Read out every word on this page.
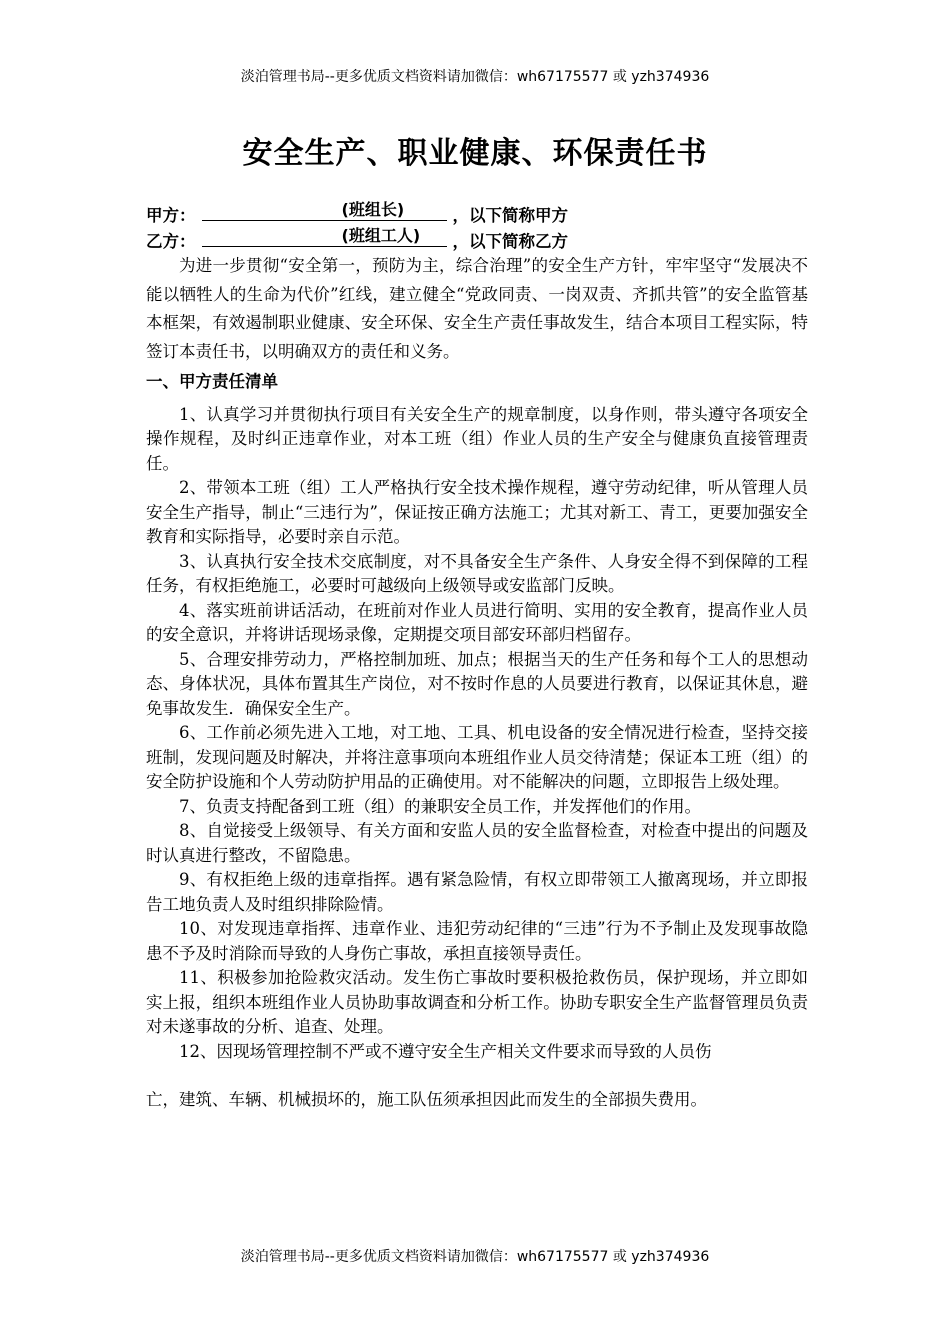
淡泊管理书局--更多优质文档资料请加微信：wh67175577 或 yzh374936
安全生产、职业健康、环保责任书
甲方：	(班组长)	，以下简称甲方
乙方：	(班组工人) ，以下简称乙方

为进一步贯彻“安全第一，预防为主，综合治理”的安全生产方针，牢牢坚守“发展决不能以牺牲人的生命为代价”红线，建立健全“党政同责、一岗双责、齐抓共管”的安全监管基本框架，有效遏制职业健康、安全环保、安全生产责任事故发生，结合本项目工程实际，特签订本责任书，以明确双方的责任和义务。

一、甲方责任清单

1、认真学习并贯彻执行项目有关安全生产的规章制度，以身作则，带头遵守各项安全操作规程，及时纠正违章作业，对本工班（组）作业人员的生产安全与健康负直接管理责任。

2、带领本工班（组）工人严格执行安全技术操作规程，遵守劳动纪律，听从管理人员安全生产指导，制止“三违行为”，保证按正确方法施工；尤其对新工、青工，更要加强安全教育和实际指导，必要时亲自示范。

3、认真执行安全技术交底制度，对不具备安全生产条件、人身安全得不到保障的工程任务，有权拒绝施工，必要时可越级向上级领导或安监部门反映。

4、落实班前讲话活动，在班前对作业人员进行简明、实用的安全教育，提高作业人员的安全意识，并将讲话现场录像，定期提交项目部安环部归档留存。

5、合理安排劳动力，严格控制加班、加点；根据当天的生产任务和每个工人的思想动态、身体状况，具体布置其生产岗位，对不按时作息的人员要进行教育，以保证其休息，避免事故发生．确保安全生产。

6、工作前必须先进入工地，对工地、工具、机电设备的安全情况进行检查，坚持交接班制，发现问题及时解决，并将注意事项向本班组作业人员交待清楚；保证本工班（组）的安全防护设施和个人劳动防护用品的正确使用。对不能解决的问题，立即报告上级处理。

7、负责支持配备到工班（组）的兼职安全员工作，并发挥他们的作用。

8、自觉接受上级领导、有关方面和安监人员的安全监督检查，对检查中提出的问题及时认真进行整改，不留隐患。

9、有权拒绝上级的违章指挥。遇有紧急险情，有权立即带领工人撤离现场，并立即报告工地负责人及时组织排除险情。

10、对发现违章指挥、违章作业、违犯劳动纪律的“三违”行为不予制止及发现事故隐患不予及时消除而导致的人身伤亡事故，承担直接领导责任。

11、积极参加抢险救灾活动。发生伤亡事故时要积极抢救伤员，保护现场，并立即如实上报，组织本班组作业人员协助事故调查和分析工作。协助专职安全生产监督管理员负责对未遂事故的分析、追查、处理。

12、因现场管理控制不严或不遵守安全生产相关文件要求而导致的人员伤

亡，建筑、车辆、机械损坏的，施工队伍须承担因此而发生的全部损失费用。

淡泊管理书局--更多优质文档资料请加微信：wh67175577 或 yzh374936
